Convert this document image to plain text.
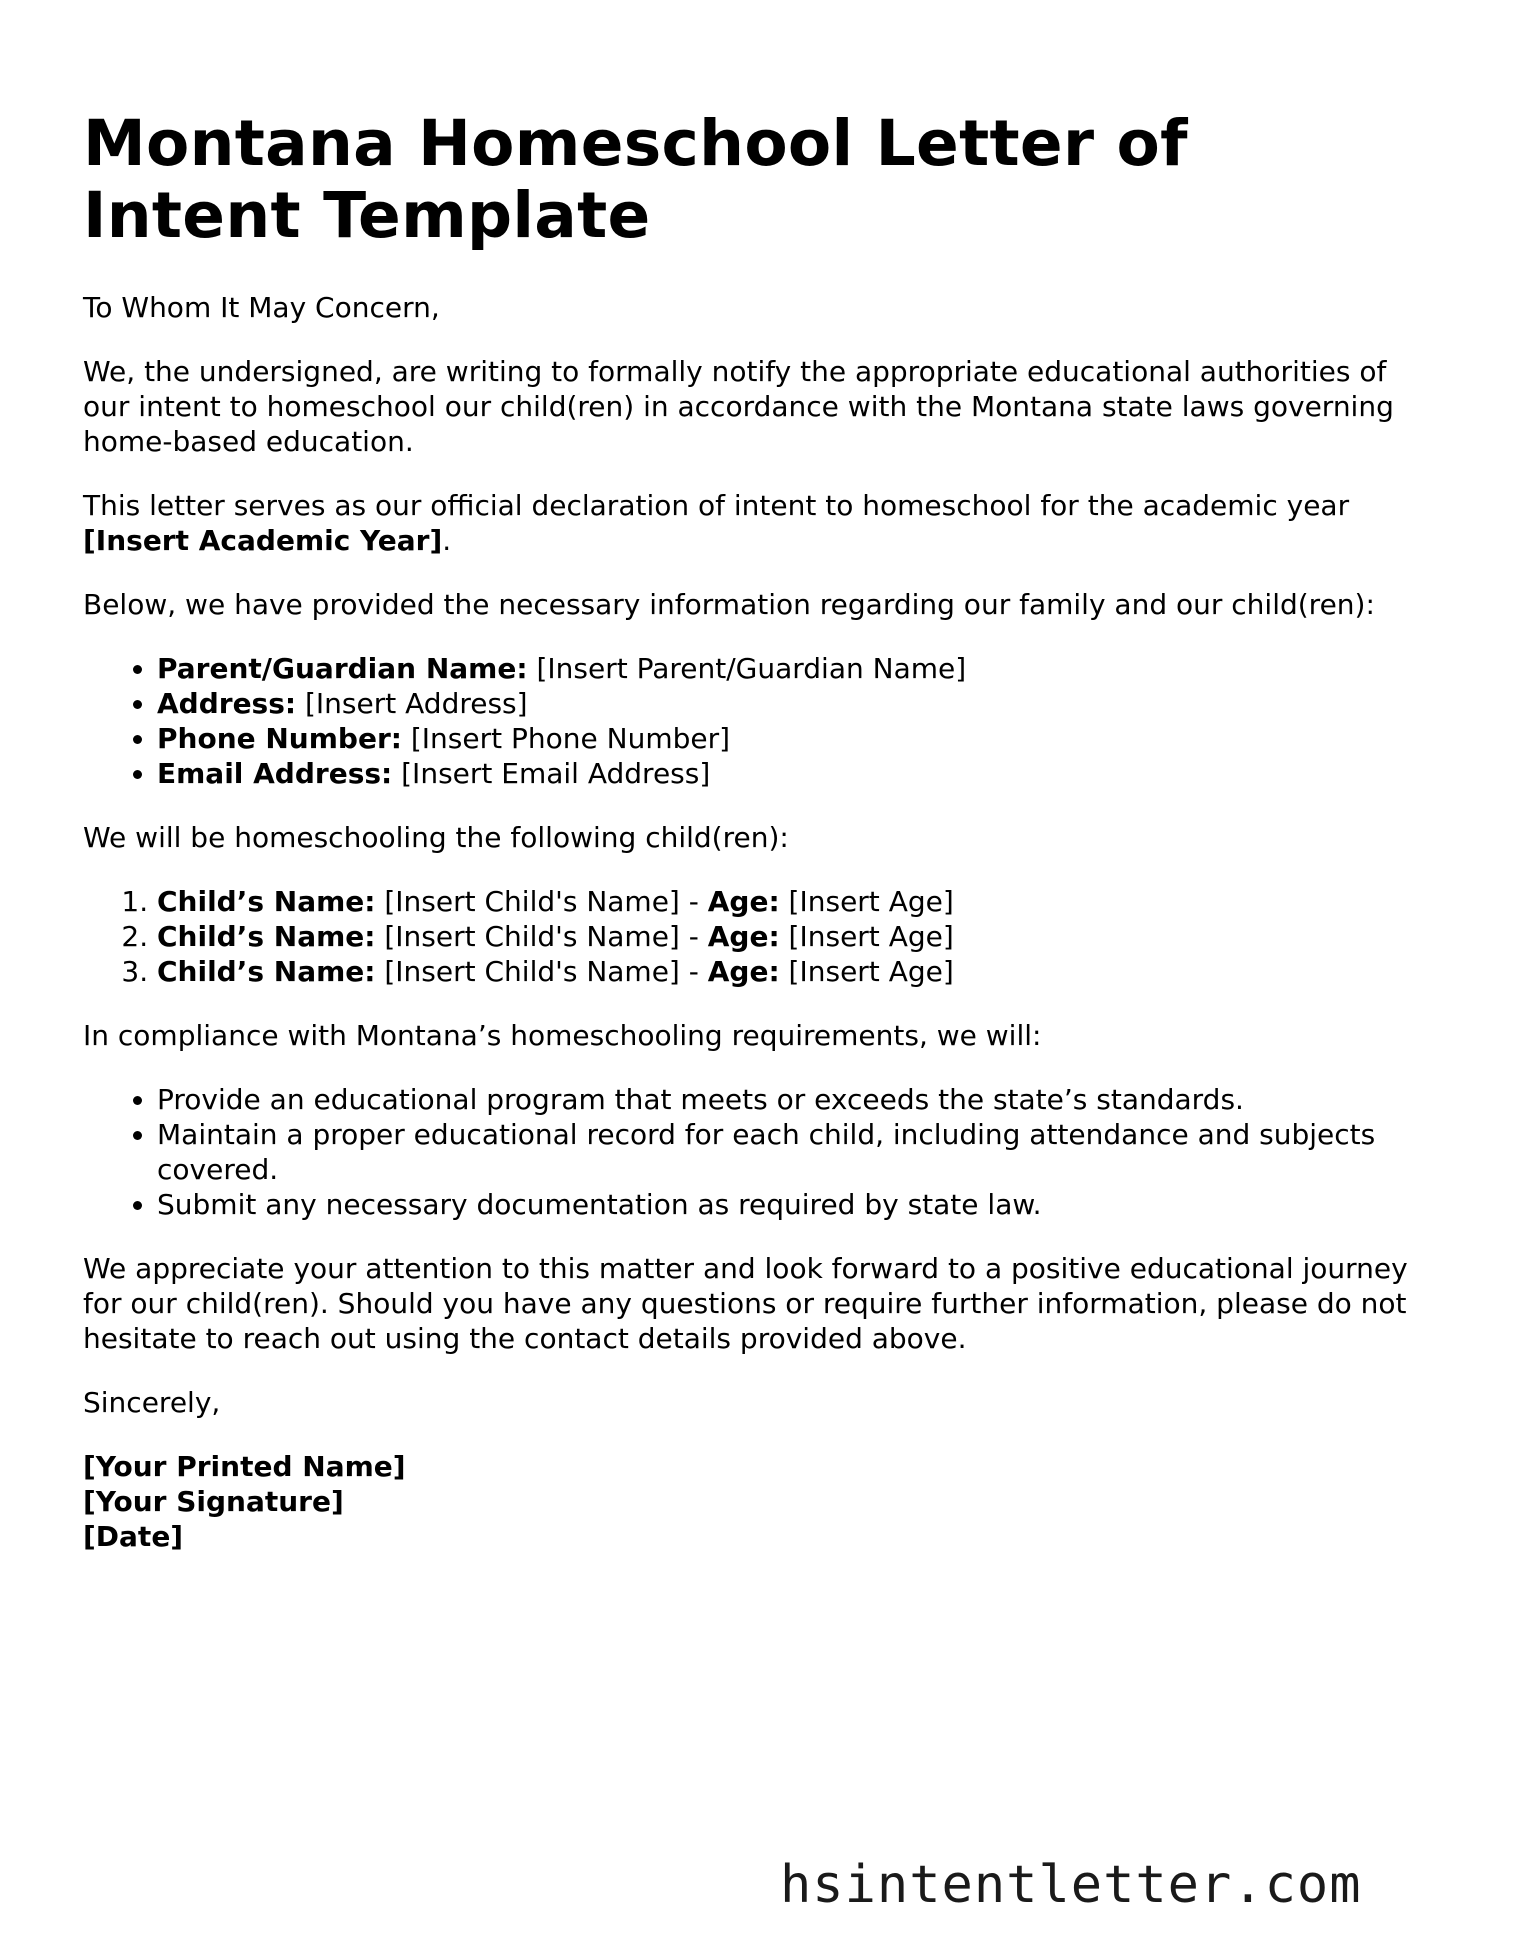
Montana Homeschool Letter of Intent Template

To Whom It May Concern,

We, the undersigned, are writing to formally notify the appropriate educational authorities of our intent to homeschool our child(ren) in accordance with the Montana state laws governing home-based education.

This letter serves as our official declaration of intent to homeschool for the academic year [Insert Academic Year].

Below, we have provided the necessary information regarding our family and our child(ren):

• Parent/Guardian Name: [Insert Parent/Guardian Name]
• Address: [Insert Address]
• Phone Number: [Insert Phone Number]
• Email Address: [Insert Email Address]

We will be homeschooling the following child(ren):

1. Child’s Name: [Insert Child's Name] - Age: [Insert Age]
2. Child’s Name: [Insert Child's Name] - Age: [Insert Age]
3. Child’s Name: [Insert Child's Name] - Age: [Insert Age]

In compliance with Montana’s homeschooling requirements, we will:

• Provide an educational program that meets or exceeds the state’s standards.
• Maintain a proper educational record for each child, including attendance and subjects covered.
• Submit any necessary documentation as required by state law.

We appreciate your attention to this matter and look forward to a positive educational journey for our child(ren). Should you have any questions or require further information, please do not hesitate to reach out using the contact details provided above.

Sincerely,

[Your Printed Name]
[Your Signature]
[Date]
hsintentletter.com
